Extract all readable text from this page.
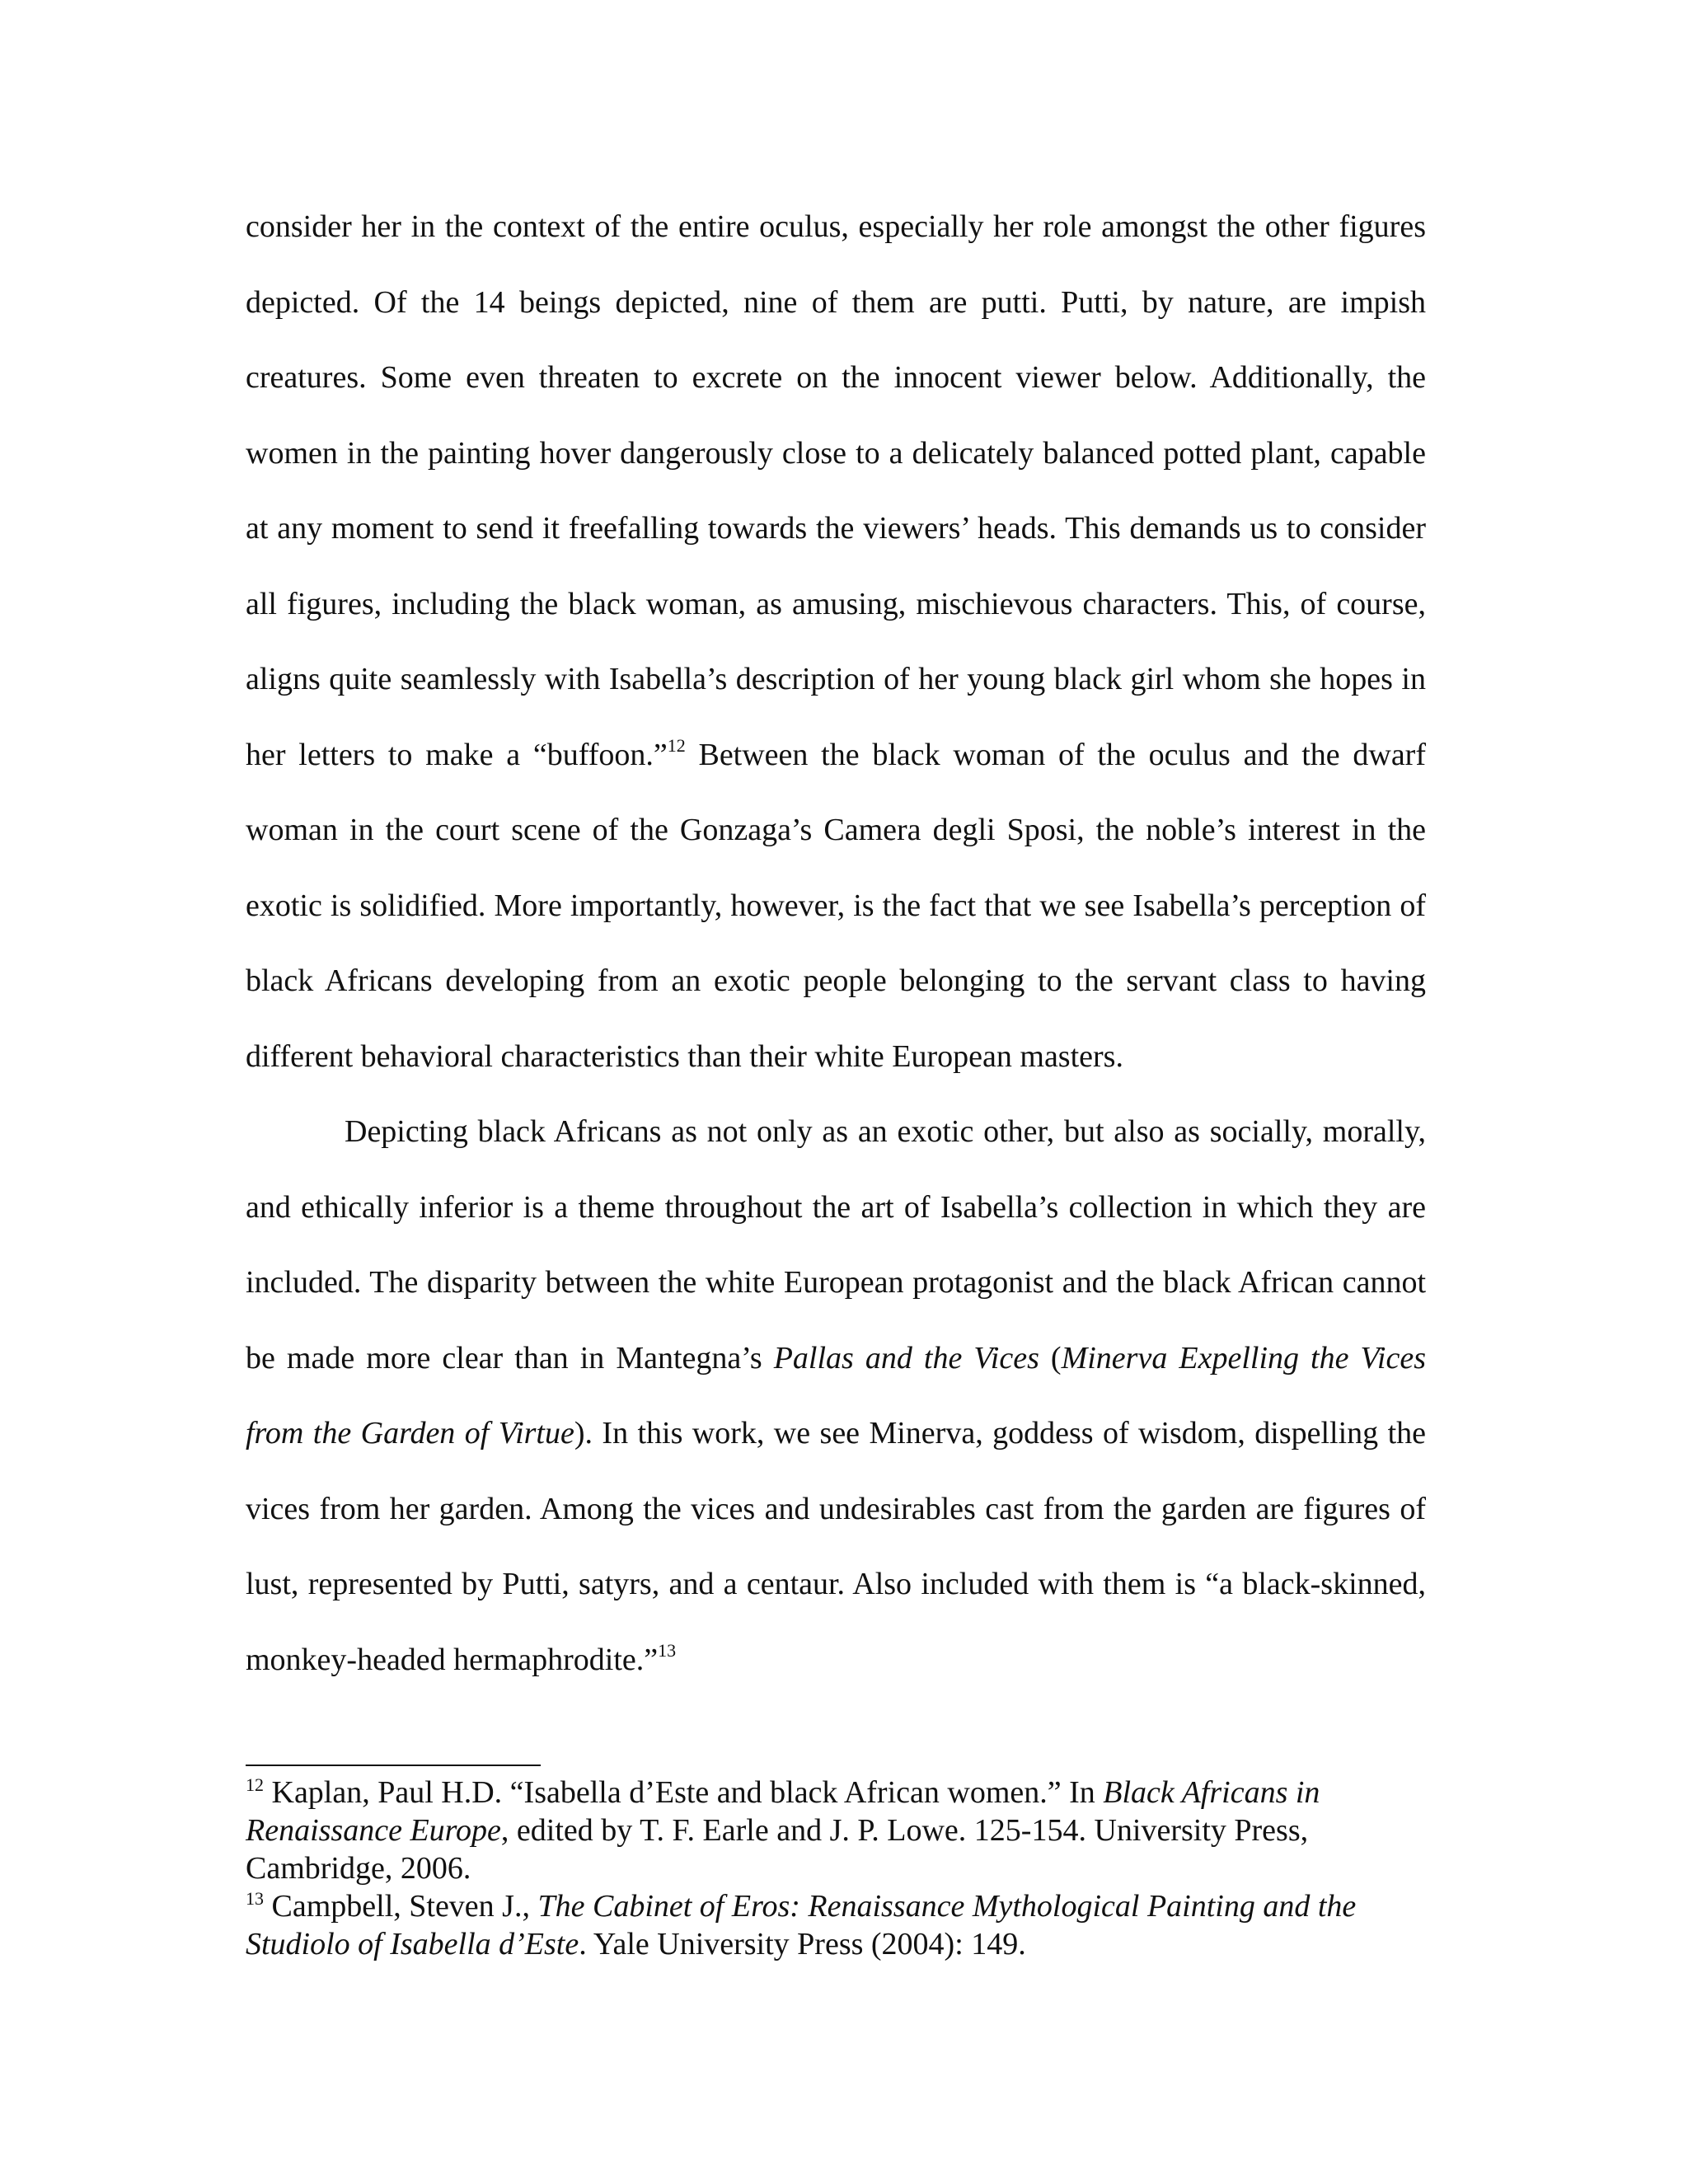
consider her in the context of the entire oculus, especially her role amongst the other figures depicted. Of the 14 beings depicted, nine of them are putti. Putti, by nature, are impish creatures. Some even threaten to excrete on the innocent viewer below. Additionally, the women in the painting hover dangerously close to a delicately balanced potted plant, capable at any moment to send it freefalling towards the viewers’ heads. This demands us to consider all figures, including the black woman, as amusing, mischievous characters. This, of course, aligns quite seamlessly with Isabella’s description of her young black girl whom she hopes in her letters to make a “buffoon.”$^{12}$ Between the black woman of the oculus and the dwarf woman in the court scene of the Gonzaga’s Camera degli Sposi, the noble’s interest in the exotic is solidified. More importantly, however, is the fact that we see Isabella’s perception of black Africans developing from an exotic people belonging to the servant class to having different behavioral characteristics than their white European masters.

Depicting black Africans as not only as an exotic other, but also as socially, morally, and ethically inferior is a theme throughout the art of Isabella’s collection in which they are included. The disparity between the white European protagonist and the black African cannot be made more clear than in Mantegna’s Pallas and the Vices (Minerva Expelling the Vices from the Garden of Virtue). In this work, we see Minerva, goddess of wisdom, dispelling the vices from her garden. Among the vices and undesirables cast from the garden are figures of lust, represented by Putti, satyrs, and a centaur. Also included with them is “a black-skinned, monkey-headed hermaphrodite.”$^{13}$

$^{12}$ Kaplan, Paul H.D. “Isabella d’Este and black African women.” In Black Africans in Renaissance Europe, edited by T. F. Earle and J. P. Lowe. 125-154. University Press, Cambridge, 2006.

$^{13}$ Campbell, Steven J., The Cabinet of Eros: Renaissance Mythological Painting and the Studiolo of Isabella d’Este. Yale University Press (2004): 149.
